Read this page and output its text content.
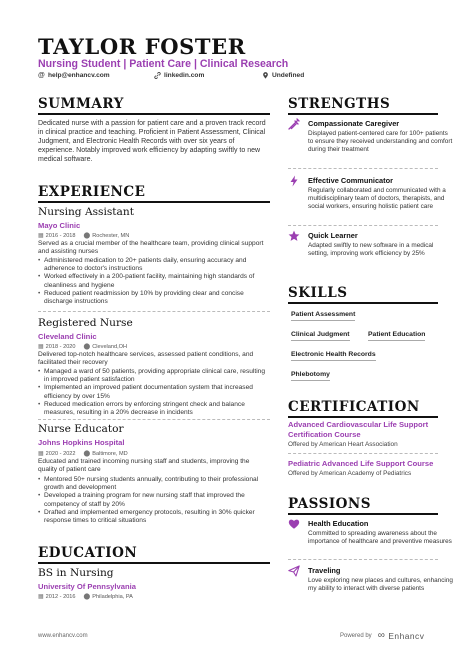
TAYLOR FOSTER
Nursing Student | Patient Care | Clinical Research
@ help@enhancv.com	linkedin.com	Undefined
SUMMARY
Dedicated nurse with a passion for patient care and a proven track record in clinical practice and teaching. Proficient in Patient Assessment, Clinical Judgment, and Electronic Health Records with over six years of experience. Notably improved work efficiency by adapting swiftly to new medical software.
EXPERIENCE
Nursing Assistant
Mayo Clinic
▦ 2016 - 2018 ⬤ Rochester, MN
Served as a crucial member of the healthcare team, providing clinical support and assisting nurses
• Administered medication to 20+ patients daily, ensuring accuracy and adherence to doctor's instructions
• Worked effectively in a 200-patient facility, maintaining high standards of cleanliness and hygiene
• Reduced patient readmission by 10% by providing clear and concise discharge instructions
Registered Nurse
Cleveland Clinic
▦ 2018 - 2020 ⬤ Cleveland,OH
Delivered top-notch healthcare services, assessed patient conditions, and facilitated their recovery
• Managed a ward of 50 patients, providing appropriate clinical care, resulting in improved patient satisfaction
• Implemented an improved patient documentation system that increased efficiency by over 15%
• Reduced medication errors by enforcing stringent check and balance measures, resulting in a 20% decrease in incidents
Nurse Educator
Johns Hopkins Hospital
▦ 2020 - 2022 ⬤ Baltimore, MD
Educated and trained incoming nursing staff and students, improving the quality of patient care
• Mentored 50+ nursing students annually, contributing to their professional growth and development
• Developed a training program for new nursing staff that improved the competency of staff by 20%
• Drafted and implemented emergency protocols, resulting in 30% quicker response times to critical situations
EDUCATION
BS in Nursing
University Of Pennsylvania
▦ 2012 - 2016 ⬤ Philadelphia, PA
STRENGTHS
Compassionate Caregiver
Displayed patient-centered care for 100+ patients to ensure they received understanding and comfort during their treatment
Effective Communicator
Regularly collaborated and communicated with a multidisciplinary team of doctors, therapists, and social workers, ensuring holistic patient care
Quick Learner
Adapted swiftly to new software in a medical setting, improving work efficiency by 25%
SKILLS
Patient Assessment
Clinical Judgment	Patient Education
Electronic Health Records
Phlebotomy
CERTIFICATION
Advanced Cardiovascular Life Support Certification Course
Offered by American Heart Association
Pediatric Advanced Life Support Course
Offered by American Academy of Pediatrics
PASSIONS
Health Education
Committed to spreading awareness about the importance of healthcare and preventive measures
Traveling
Love exploring new places and cultures, enhancing my ability to interact with diverse patients
www.enhancv.com	Powered by ∞ Enhancv
